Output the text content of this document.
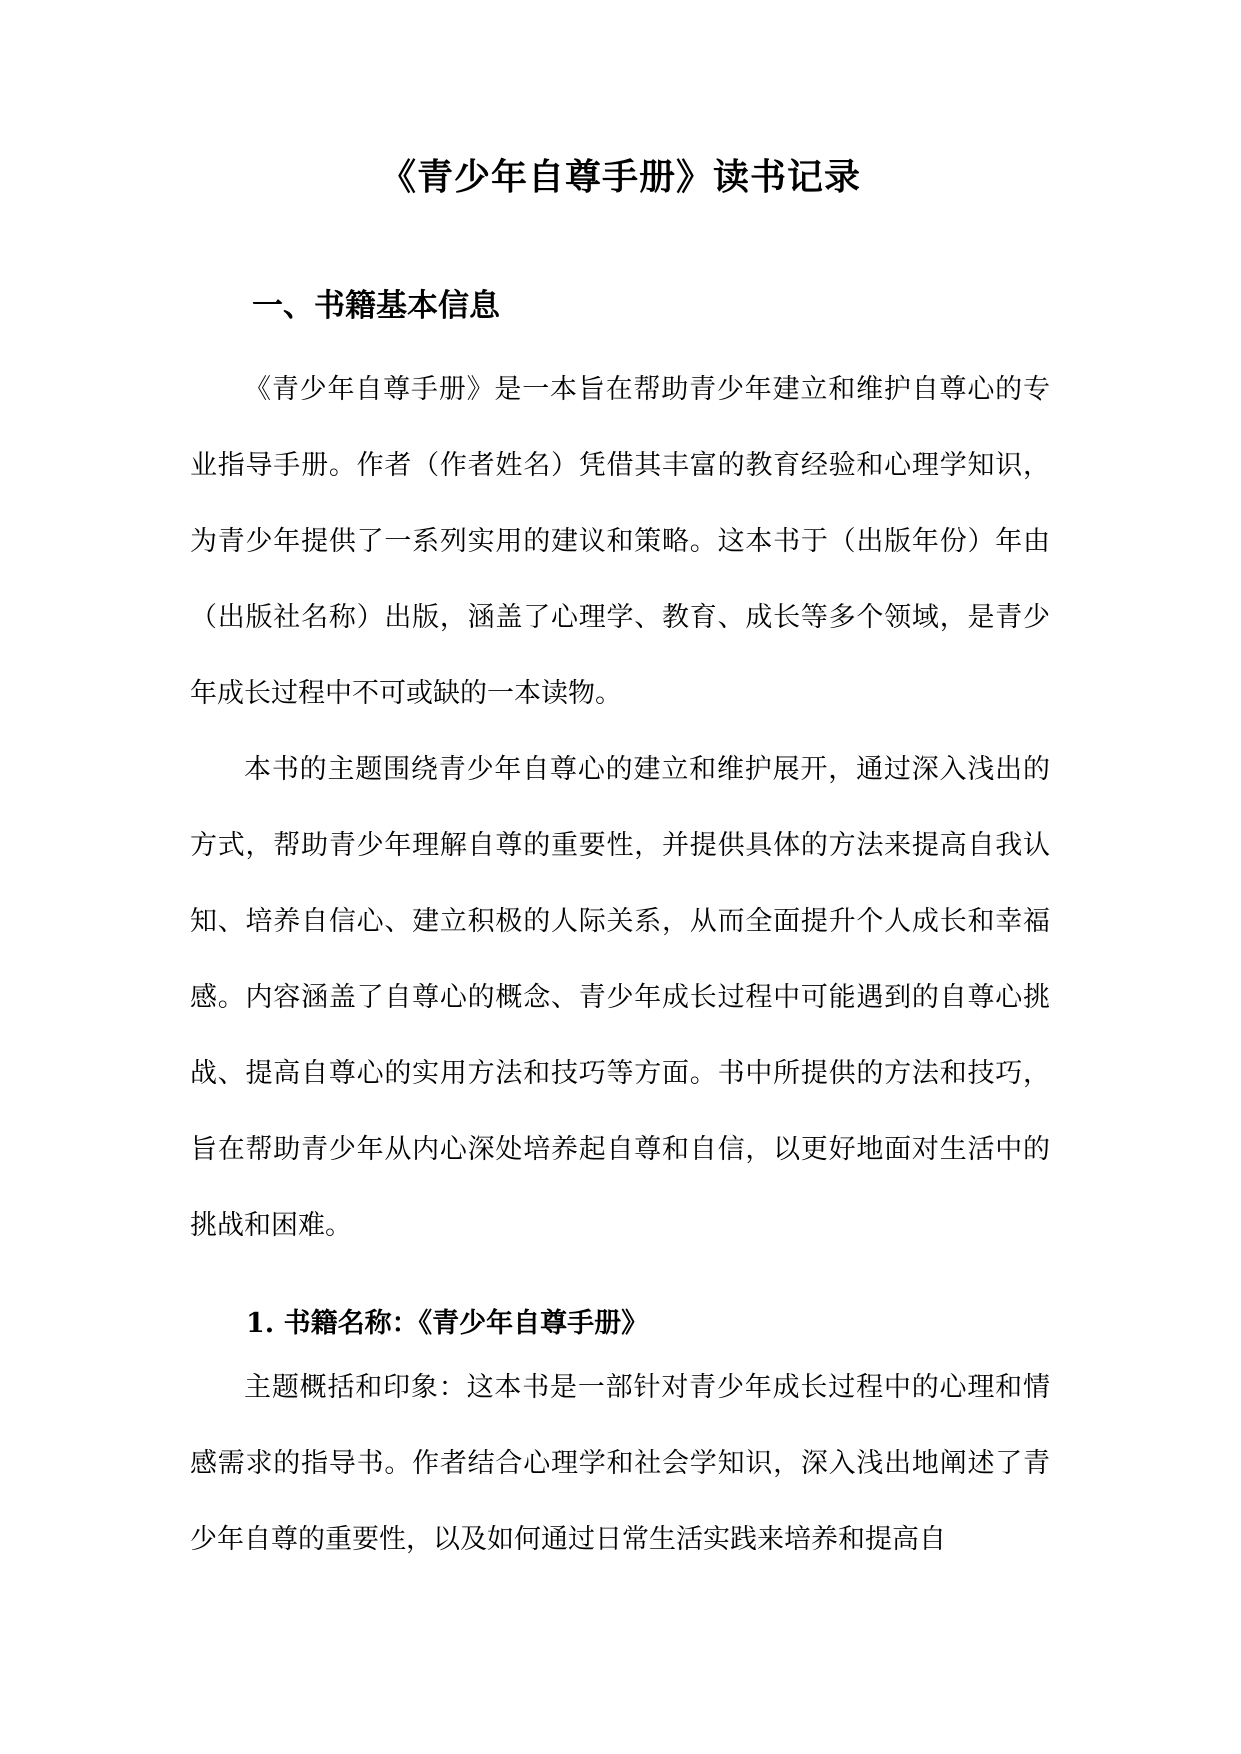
《青少年自尊手册》读书记录
一、书籍基本信息

《青少年自尊手册》是一本旨在帮助青少年建立和维护自尊心的专业指导手册。作者（作者姓名）凭借其丰富的教育经验和心理学知识，为青少年提供了一系列实用的建议和策略。这本书于（出版年份）年由（出版社名称）出版，涵盖了心理学、教育、成长等多个领域，是青少年成长过程中不可或缺的一本读物。

本书的主题围绕青少年自尊心的建立和维护展开，通过深入浅出的方式，帮助青少年理解自尊的重要性，并提供具体的方法来提高自我认知、培养自信心、建立积极的人际关系，从而全面提升个人成长和幸福感。内容涵盖了自尊心的概念、青少年成长过程中可能遇到的自尊心挑战、提高自尊心的实用方法和技巧等方面。书中所提供的方法和技巧，旨在帮助青少年从内心深处培养起自尊和自信，以更好地面对生活中的挑战和困难。

1. 书籍名称：《青少年自尊手册》

主题概括和印象：这本书是一部针对青少年成长过程中的心理和情感需求的指导书。作者结合心理学和社会学知识，深入浅出地阐述了青少年自尊的重要性，以及如何通过日常生活实践来培养和提高自
